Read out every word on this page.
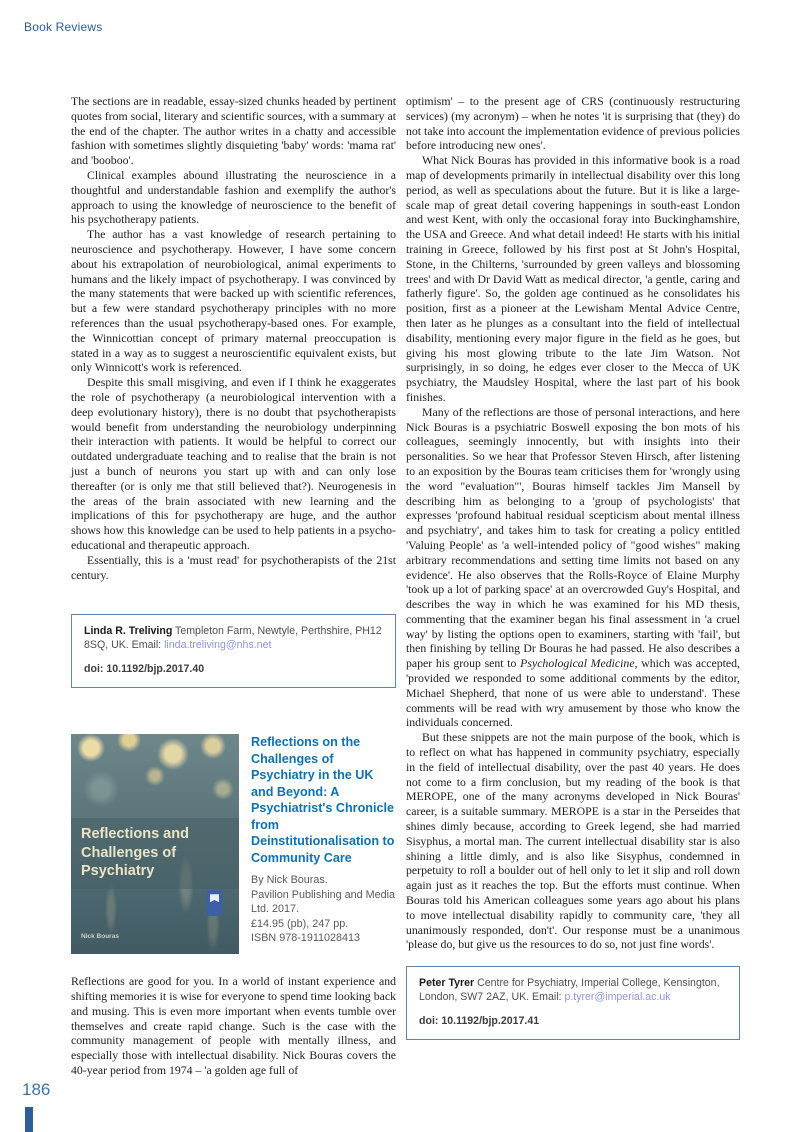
Book Reviews

The sections are in readable, essay-sized chunks headed by pertinent quotes from social, literary and scientific sources, with a summary at the end of the chapter. The author writes in a chatty and accessible fashion with sometimes slightly disquieting 'baby' words: 'mama rat' and 'booboo'.

Clinical examples abound illustrating the neuroscience in a thoughtful and understandable fashion and exemplify the author's approach to using the knowledge of neuroscience to the benefit of his psychotherapy patients.

The author has a vast knowledge of research pertaining to neuroscience and psychotherapy. However, I have some concern about his extrapolation of neurobiological, animal experiments to humans and the likely impact of psychotherapy. I was convinced by the many statements that were backed up with scientific references, but a few were standard psychotherapy principles with no more references than the usual psychotherapy-based ones. For example, the Winnicottian concept of primary maternal preoccupation is stated in a way as to suggest a neuroscientific equivalent exists, but only Winnicott's work is referenced.

Despite this small misgiving, and even if I think he exaggerates the role of psychotherapy (a neurobiological intervention with a deep evolutionary history), there is no doubt that psychotherapists would benefit from understanding the neurobiology underpinning their interaction with patients. It would be helpful to correct our outdated undergraduate teaching and to realise that the brain is not just a bunch of neurons you start up with and can only lose thereafter (or is only me that still believed that?). Neurogenesis in the areas of the brain associated with new learning and the implications of this for psychotherapy are huge, and the author shows how this knowledge can be used to help patients in a psycho-educational and therapeutic approach.

Essentially, this is a 'must read' for psychotherapists of the 21st century.

Linda R. Treliving Templeton Farm, Newtyle, Perthshire, PH12 8SQ, UK. Email: linda.treliving@nhs.net
doi: 10.1192/bjp.2017.40
Reflections and Challenges of Psychiatry
Nick Bouras
Reflections on the Challenges of Psychiatry in the UK and Beyond: A Psychiatrist's Chronicle from Deinstitutionalisation to Community Care
By Nick Bouras.
Pavilion Publishing and Media Ltd. 2017.
£14.95 (pb), 247 pp.
ISBN 978-1911028413

Reflections are good for you. In a world of instant experience and shifting memories it is wise for everyone to spend time looking back and musing. This is even more important when events tumble over themselves and create rapid change. Such is the case with the community management of people with mentally illness, and especially those with intellectual disability. Nick Bouras covers the 40-year period from 1974 – 'a golden age full of

optimism' – to the present age of CRS (continuously restructuring services) (my acronym) – when he notes 'it is surprising that (they) do not take into account the implementation evidence of previous policies before introducing new ones'.

What Nick Bouras has provided in this informative book is a road map of developments primarily in intellectual disability over this long period, as well as speculations about the future. But it is like a large-scale map of great detail covering happenings in south-east London and west Kent, with only the occasional foray into Buckinghamshire, the USA and Greece. And what detail indeed! He starts with his initial training in Greece, followed by his first post at St John's Hospital, Stone, in the Chilterns, 'surrounded by green valleys and blossoming trees' and with Dr David Watt as medical director, 'a gentle, caring and fatherly figure'. So, the golden age continued as he consolidates his position, first as a pioneer at the Lewisham Mental Advice Centre, then later as he plunges as a consultant into the field of intellectual disability, mentioning every major figure in the field as he goes, but giving his most glowing tribute to the late Jim Watson. Not surprisingly, in so doing, he edges ever closer to the Mecca of UK psychiatry, the Maudsley Hospital, where the last part of his book finishes.

Many of the reflections are those of personal interactions, and here Nick Bouras is a psychiatric Boswell exposing the bon mots of his colleagues, seemingly innocently, but with insights into their personalities. So we hear that Professor Steven Hirsch, after listening to an exposition by the Bouras team criticises them for 'wrongly using the word "evaluation"', Bouras himself tackles Jim Mansell by describing him as belonging to a 'group of psychologists' that expresses 'profound habitual residual scepticism about mental illness and psychiatry', and takes him to task for creating a policy entitled 'Valuing People' as 'a well-intended policy of "good wishes" making arbitrary recommendations and setting time limits not based on any evidence'. He also observes that the Rolls-Royce of Elaine Murphy 'took up a lot of parking space' at an overcrowded Guy's Hospital, and describes the way in which he was examined for his MD thesis, commenting that the examiner began his final assessment in 'a cruel way' by listing the options open to examiners, starting with 'fail', but then finishing by telling Dr Bouras he had passed. He also describes a paper his group sent to Psychological Medicine, which was accepted, 'provided we responded to some additional comments by the editor, Michael Shepherd, that none of us were able to understand'. These comments will be read with wry amusement by those who know the individuals concerned.

But these snippets are not the main purpose of the book, which is to reflect on what has happened in community psychiatry, especially in the field of intellectual disability, over the past 40 years. He does not come to a firm conclusion, but my reading of the book is that MEROPE, one of the many acronyms developed in Nick Bouras' career, is a suitable summary. MEROPE is a star in the Perseides that shines dimly because, according to Greek legend, she had married Sisyphus, a mortal man. The current intellectual disability star is also shining a little dimly, and is also like Sisyphus, condemned in perpetuity to roll a boulder out of hell only to let it slip and roll down again just as it reaches the top. But the efforts must continue. When Bouras told his American colleagues some years ago about his plans to move intellectual disability rapidly to community care, 'they all unanimously responded, don't'. Our response must be a unanimous 'please do, but give us the resources to do so, not just fine words'.

Peter Tyrer Centre for Psychiatry, Imperial College, Kensington, London, SW7 2AZ, UK. Email: p.tyrer@imperial.ac.uk
doi: 10.1192/bjp.2017.41
186
